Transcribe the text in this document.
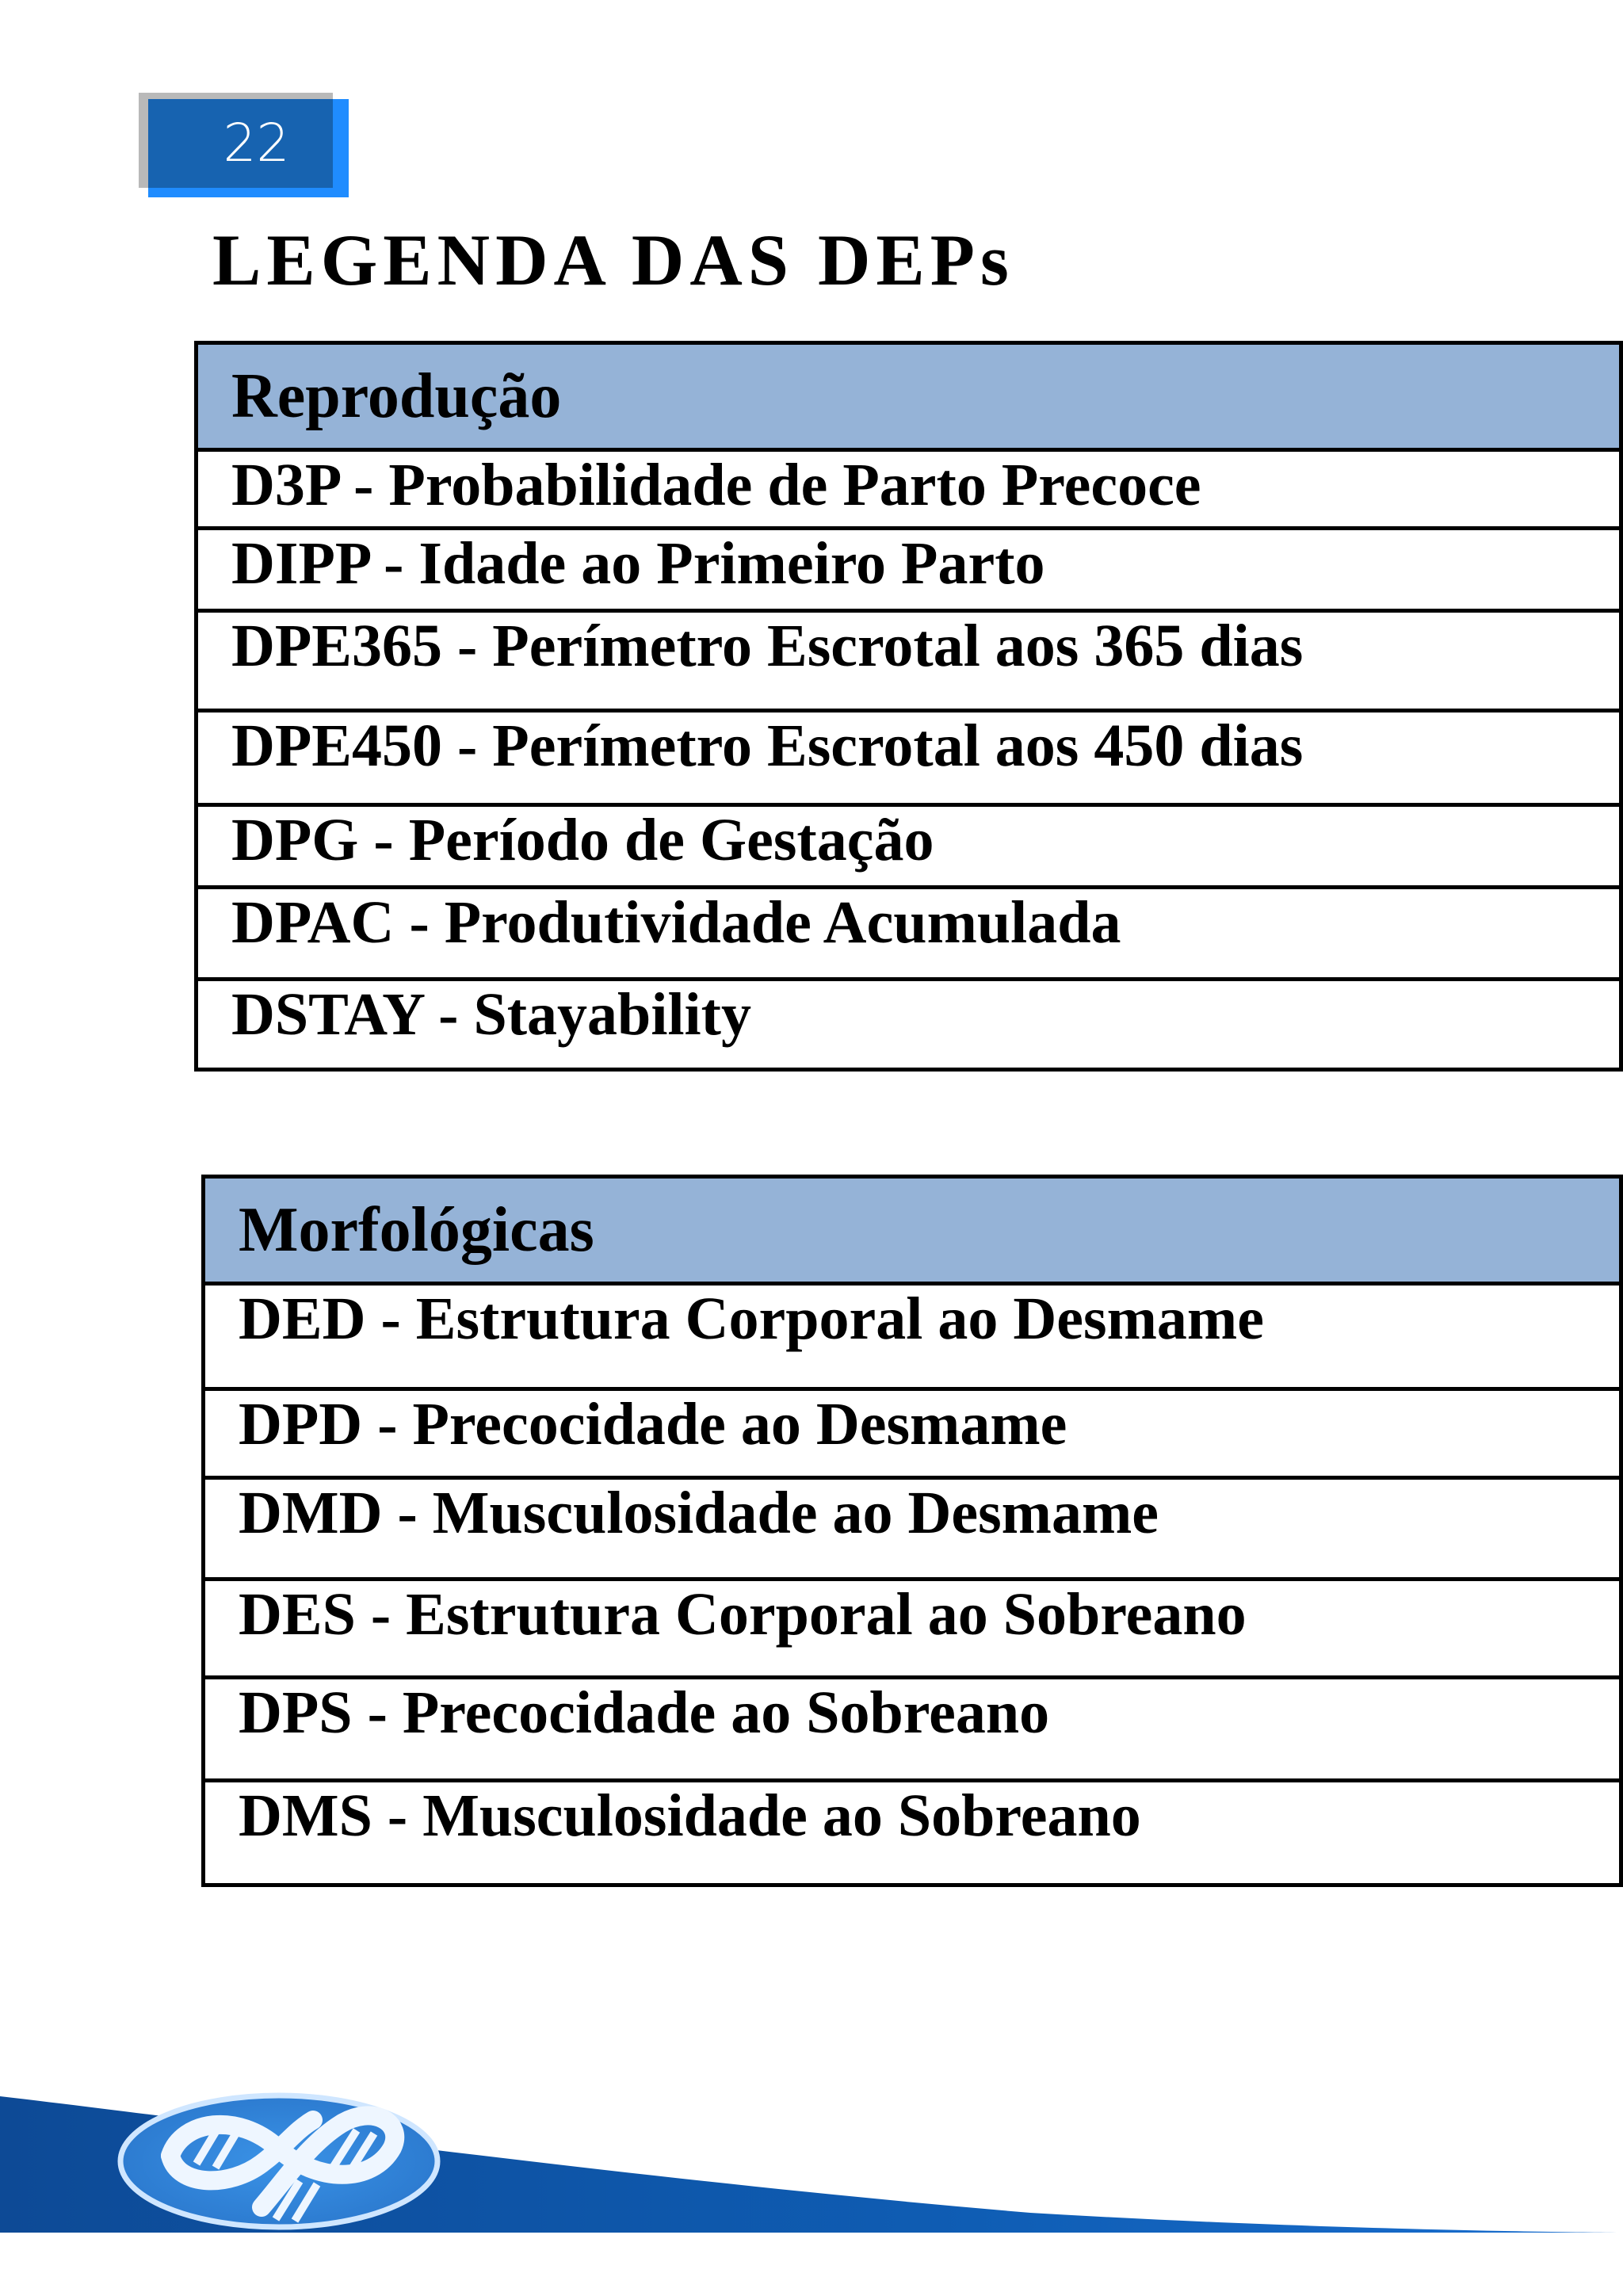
22
LEGENDA DAS DEPs
Reprodução
D3P - Probabilidade de Parto Precoce
DIPP - Idade ao Primeiro Parto
DPE365 - Perímetro Escrotal aos 365 dias
DPE450 - Perímetro Escrotal aos 450 dias
DPG - Período de Gestação
DPAC - Produtividade Acumulada
DSTAY - Stayability
Morfológicas
DED - Estrutura Corporal ao Desmame
DPD - Precocidade ao Desmame
DMD - Musculosidade ao Desmame
DES - Estrutura Corporal ao Sobreano
DPS - Precocidade ao Sobreano
DMS - Musculosidade ao Sobreano
